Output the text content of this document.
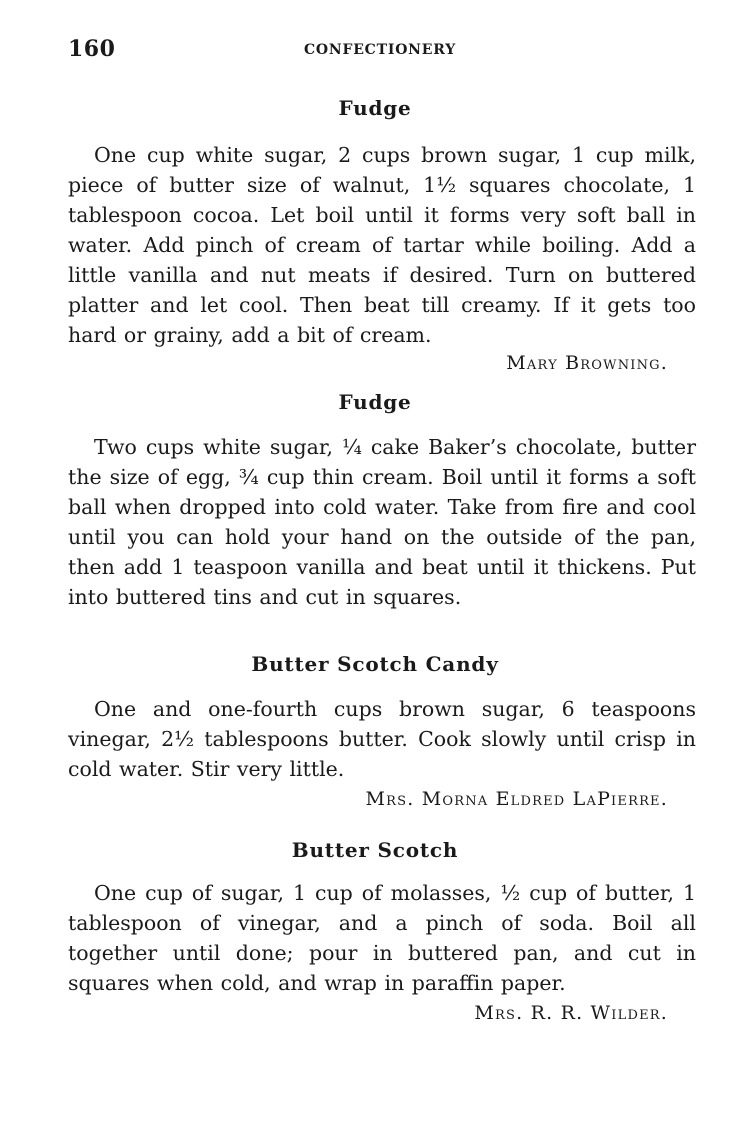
160	CONFECTIONERY
Fudge

One cup white sugar, 2 cups brown sugar, 1 cup milk, piece of butter size of walnut, 1½ squares chocolate, 1 tablespoon cocoa. Let boil until it forms very soft ball in water. Add pinch of cream of tartar while boiling. Add a little vanilla and nut meats if desired. Turn on buttered platter and let cool. Then beat till creamy. If it gets too hard or grainy, add a bit of cream.

Mary Browning.
Fudge

Two cups white sugar, ¼ cake Baker’s chocolate, butter the size of egg, ¾ cup thin cream. Boil until it forms a soft ball when dropped into cold water. Take from fire and cool until you can hold your hand on the outside of the pan, then add 1 teaspoon vanilla and beat until it thickens. Put into buttered tins and cut in squares.

Butter Scotch Candy

One and one-fourth cups brown sugar, 6 teaspoons vinegar, 2½ tablespoons butter. Cook slowly until crisp in cold water. Stir very little.

Mrs. Morna Eldred LaPierre.
Butter Scotch

One cup of sugar, 1 cup of molasses, ½ cup of butter, 1 tablespoon of vinegar, and a pinch of soda. Boil all together until done; pour in buttered pan, and cut in squares when cold, and wrap in paraffin paper.

Mrs. R. R. Wilder.
